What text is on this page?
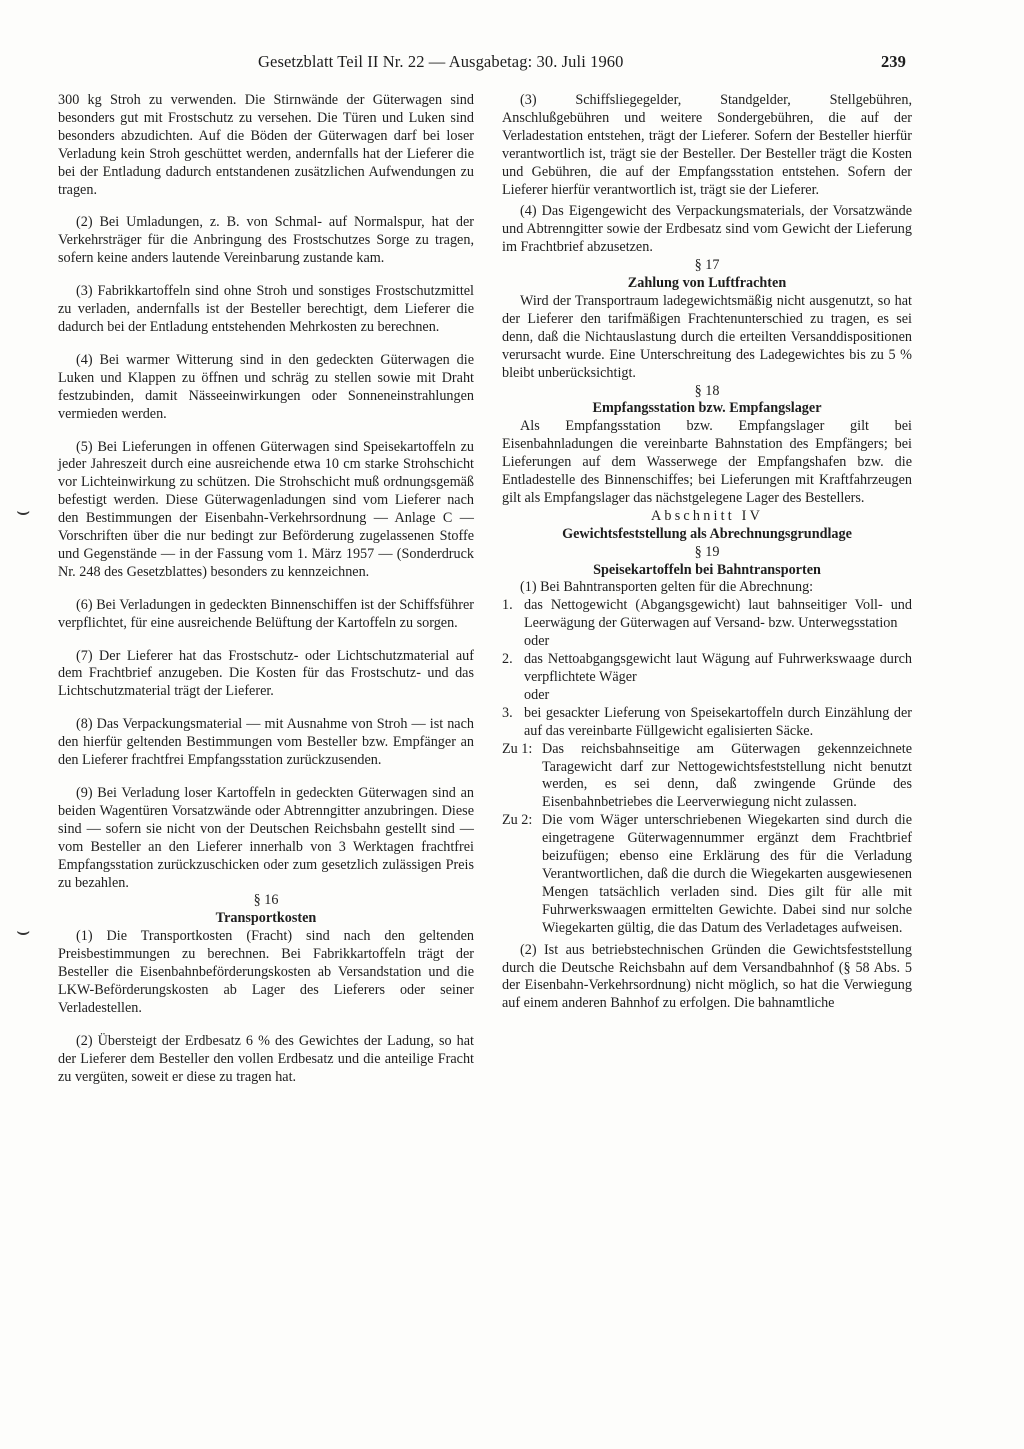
Gesetzblatt Teil II Nr. 22 — Ausgabetag: 30. Juli 1960	239
⌣
⌣

300 kg Stroh zu verwenden. Die Stirnwände der Güterwagen sind besonders gut mit Frostschutz zu versehen. Die Türen und Luken sind besonders abzudichten. Auf die Böden der Güterwagen darf bei loser Verladung kein Stroh geschüttet werden, andernfalls hat der Lieferer die bei der Entladung dadurch entstandenen zusätzlichen Aufwendungen zu tragen.

(2) Bei Umladungen, z. B. von Schmal- auf Normalspur, hat der Verkehrsträger für die Anbringung des Frostschutzes Sorge zu tragen, sofern keine anders lautende Vereinbarung zustande kam.

(3) Fabrikkartoffeln sind ohne Stroh und sonstiges Frostschutzmittel zu verladen, andernfalls ist der Besteller berechtigt, dem Lieferer die dadurch bei der Entladung entstehenden Mehrkosten zu berechnen.

(4) Bei warmer Witterung sind in den gedeckten Güterwagen die Luken und Klappen zu öffnen und schräg zu stellen sowie mit Draht festzubinden, damit Nässeeinwirkungen oder Sonneneinstrahlungen vermieden werden.

(5) Bei Lieferungen in offenen Güterwagen sind Speisekartoffeln zu jeder Jahreszeit durch eine ausreichende etwa 10 cm starke Strohschicht vor Lichteinwirkung zu schützen. Die Strohschicht muß ordnungsgemäß befestigt werden. Diese Güterwagenladungen sind vom Lieferer nach den Bestimmungen der Eisenbahn-Verkehrsordnung — Anlage C — Vorschriften über die nur bedingt zur Beförderung zugelassenen Stoffe und Gegenstände — in der Fassung vom 1. März 1957 — (Sonderdruck Nr. 248 des Gesetzblattes) besonders zu kennzeichnen.

(6) Bei Verladungen in gedeckten Binnenschiffen ist der Schiffsführer verpflichtet, für eine ausreichende Belüftung der Kartoffeln zu sorgen.

(7) Der Lieferer hat das Frostschutz- oder Lichtschutzmaterial auf dem Frachtbrief anzugeben. Die Kosten für das Frostschutz- und das Lichtschutzmaterial trägt der Lieferer.

(8) Das Verpackungsmaterial — mit Ausnahme von Stroh — ist nach den hierfür geltenden Bestimmungen vom Besteller bzw. Empfänger an den Lieferer frachtfrei Empfangsstation zurückzusenden.

(9) Bei Verladung loser Kartoffeln in gedeckten Güterwagen sind an beiden Wagentüren Vorsatzwände oder Abtrenngitter anzubringen. Diese sind — sofern sie nicht von der Deutschen Reichsbahn gestellt sind — vom Besteller an den Lieferer innerhalb von 3 Werktagen frachtfrei Empfangsstation zurückzuschicken oder zum gesetzlich zulässigen Preis zu bezahlen.

§ 16

Transportkosten

(1) Die Transportkosten (Fracht) sind nach den geltenden Preisbestimmungen zu berechnen. Bei Fabrikkartoffeln trägt der Besteller die Eisenbahnbeförderungskosten ab Versandstation und die LKW-Beförderungskosten ab Lager des Lieferers oder seiner Verladestellen.

(2) Übersteigt der Erdbesatz 6 % des Gewichtes der Ladung, so hat der Lieferer dem Besteller den vollen Erdbesatz und die anteilige Fracht zu vergüten, soweit er diese zu tragen hat.

(3) Schiffsliegegelder, Standgelder, Stellgebühren, Anschlußgebühren und weitere Sondergebühren, die auf der Verladestation entstehen, trägt der Lieferer. Sofern der Besteller hierfür verantwortlich ist, trägt sie der Besteller. Der Besteller trägt die Kosten und Gebühren, die auf der Empfangsstation entstehen. Sofern der Lieferer hierfür verantwortlich ist, trägt sie der Lieferer.

(4) Das Eigengewicht des Verpackungsmaterials, der Vorsatzwände und Abtrenngitter sowie der Erdbesatz sind vom Gewicht der Lieferung im Frachtbrief abzusetzen.

§ 17

Zahlung von Luftfrachten

Wird der Transportraum ladegewichtsmäßig nicht ausgenutzt, so hat der Lieferer den tarifmäßigen Frachtenunterschied zu tragen, es sei denn, daß die Nichtauslastung durch die erteilten Versanddispositionen verursacht wurde. Eine Unterschreitung des Ladegewichtes bis zu 5 % bleibt unberücksichtigt.

§ 18

Empfangsstation bzw. Empfangslager

Als Empfangsstation bzw. Empfangslager gilt bei Eisenbahnladungen die vereinbarte Bahnstation des Empfängers; bei Lieferungen auf dem Wasserwege der Empfangshafen bzw. die Entladestelle des Binnenschiffes; bei Lieferungen mit Kraftfahrzeugen gilt als Empfangslager das nächstgelegene Lager des Bestellers.

Abschnitt IV

Gewichtsfeststellung als Abrechnungsgrundlage

§ 19

Speisekartoffeln bei Bahntransporten

(1) Bei Bahntransporten gelten für die Abrechnung:

1. das Nettogewicht (Abgangsgewicht) laut bahnseitiger Voll- und Leerwägung der Güterwagen auf Versand- bzw. Unterwegsstation

oder

2. das Nettoabgangsgewicht laut Wägung auf Fuhrwerkswaage durch verpflichtete Wäger

oder

3. bei gesackter Lieferung von Speisekartoffeln durch Einzählung der auf das vereinbarte Füllgewicht egalisierten Säcke.
Zu 1: Das reichsbahnseitige am Güterwagen gekennzeichnete Taragewicht darf zur Nettogewichtsfeststellung nicht benutzt werden, es sei denn, daß zwingende Gründe des Eisenbahnbetriebes die Leerverwiegung nicht zulassen.
Zu 2: Die vom Wäger unterschriebenen Wiegekarten sind durch die eingetragene Güterwagennummer ergänzt dem Frachtbrief beizufügen; ebenso eine Erklärung des für die Verladung Verantwortlichen, daß die durch die Wiegekarten ausgewiesenen Mengen tatsächlich verladen sind. Dies gilt für alle mit Fuhrwerkswaagen ermittelten Gewichte. Dabei sind nur solche Wiegekarten gültig, die das Datum des Verladetages aufweisen.

(2) Ist aus betriebstechnischen Gründen die Gewichtsfeststellung durch die Deutsche Reichsbahn auf dem Versandbahnhof (§ 58 Abs. 5 der Eisenbahn-Verkehrsordnung) nicht möglich, so hat die Verwiegung auf einem anderen Bahnhof zu erfolgen. Die bahnamtliche
